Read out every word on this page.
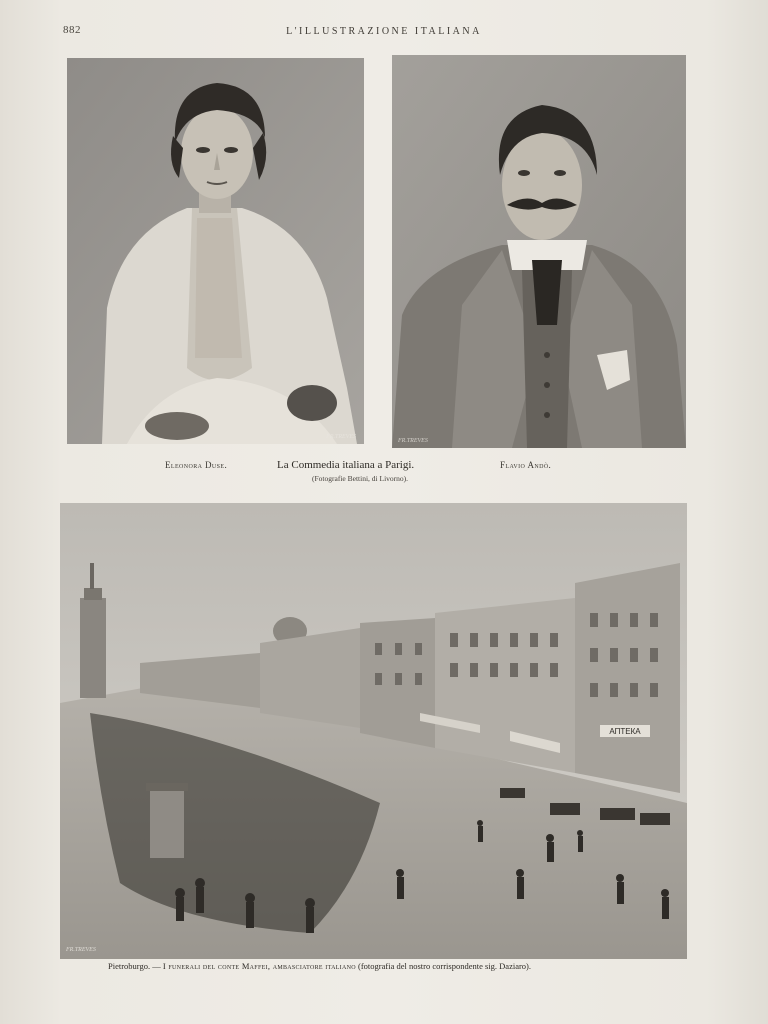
882	L'ILLUSTRAZIONE ITALIANA
FR.TREVES
FR.TREVES
Eleonora Duse.	La Commedia italiana a Parigi.
(Fotografie Bettini, di Livorno).
Flavio Andò.
АПТЕКА
FR.TREVES
Pietroburgo. — I funerali del conte Maffei, ambasciatore italiano (fotografia del nostro corrispondente sig. Daziaro).
